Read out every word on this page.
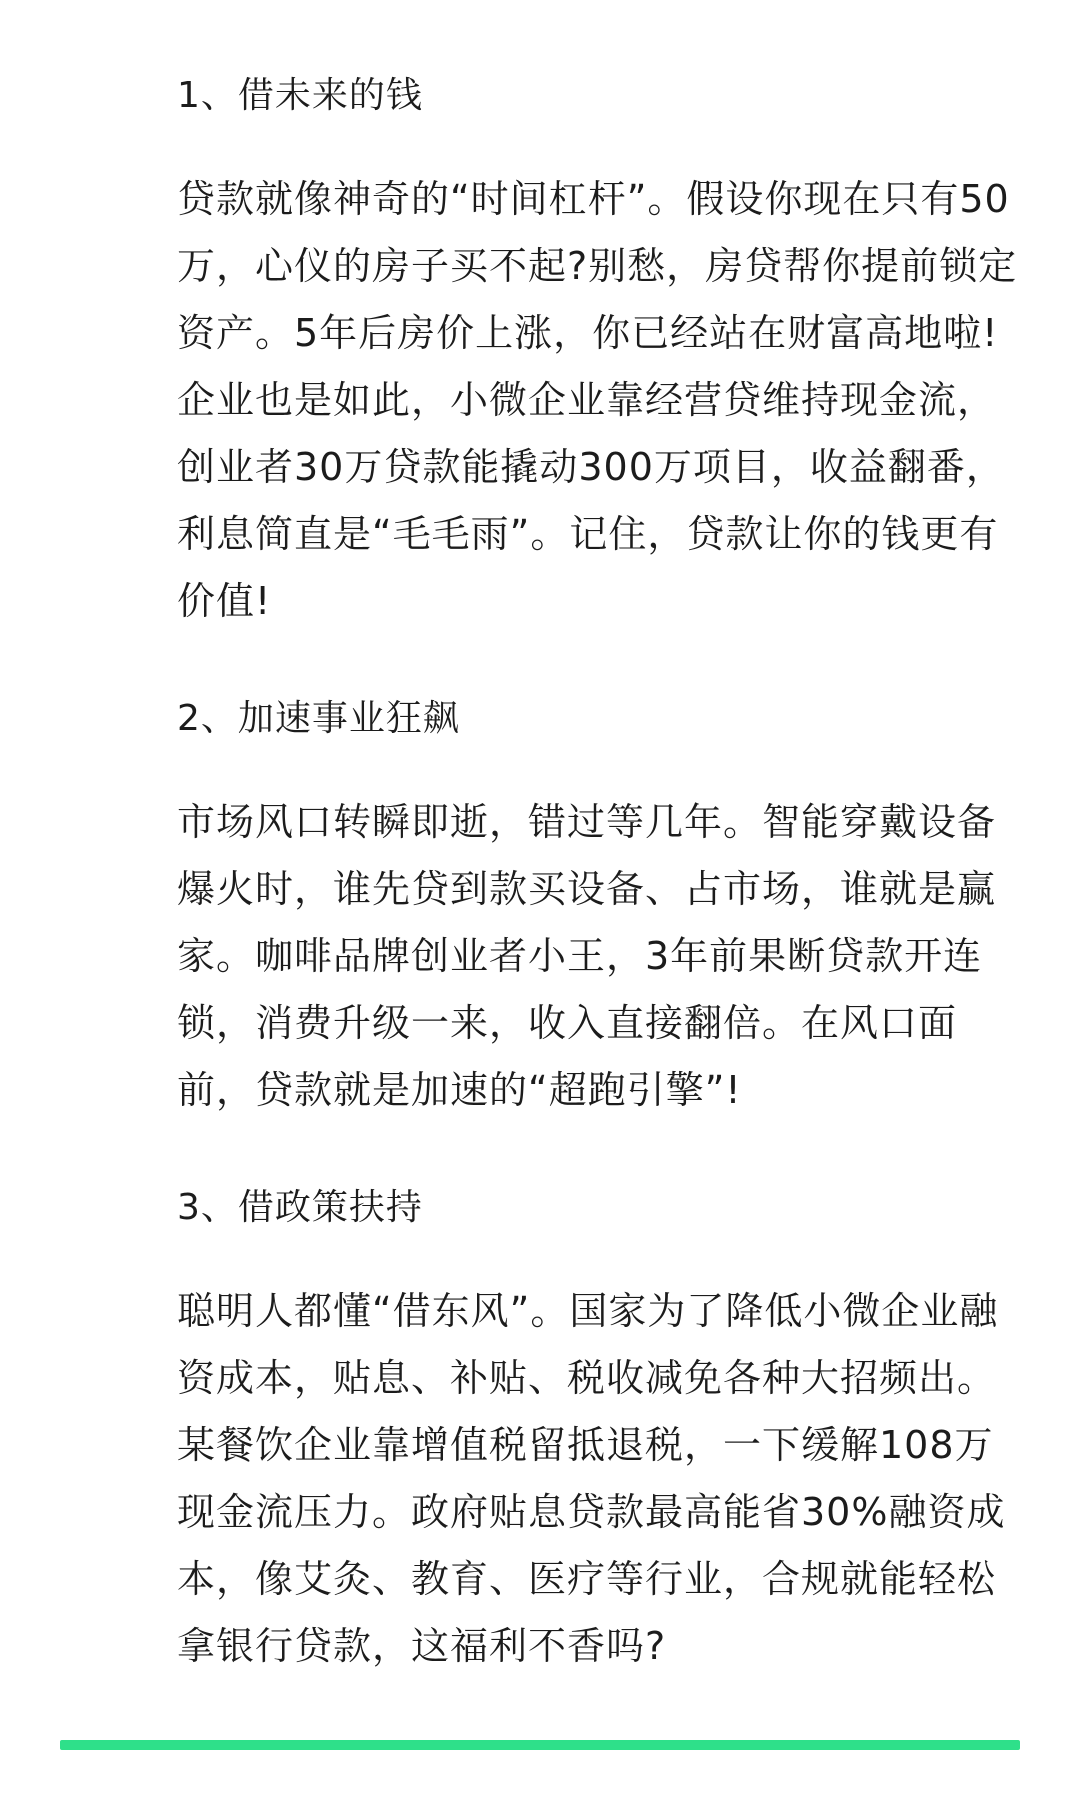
1、借未来的钱
贷款就像神奇的“时间杠杆”。假设你现在只有50
万，心仪的房子买不起?别愁，房贷帮你提前锁定
资产。5年后房价上涨，你已经站在财富高地啦!
企业也是如此，小微企业靠经营贷维持现金流，
创业者30万贷款能撬动300万项目，收益翻番，
利息简直是“毛毛雨”。记住，贷款让你的钱更有
价值!
2、加速事业狂飙
市场风口转瞬即逝，错过等几年。智能穿戴设备
爆火时，谁先贷到款买设备、占市场，谁就是赢
家。咖啡品牌创业者小王，3年前果断贷款开连
锁，消费升级一来，收入直接翻倍。在风口面
前，贷款就是加速的“超跑引擎”!
3、借政策扶持
聪明人都懂“借东风”。国家为了降低小微企业融
资成本，贴息、补贴、税收减免各种大招频出。
某餐饮企业靠增值税留抵退税，一下缓解108万
现金流压力。政府贴息贷款最高能省30%融资成
本，像艾灸、教育、医疗等行业，合规就能轻松
拿银行贷款，这福利不香吗?
